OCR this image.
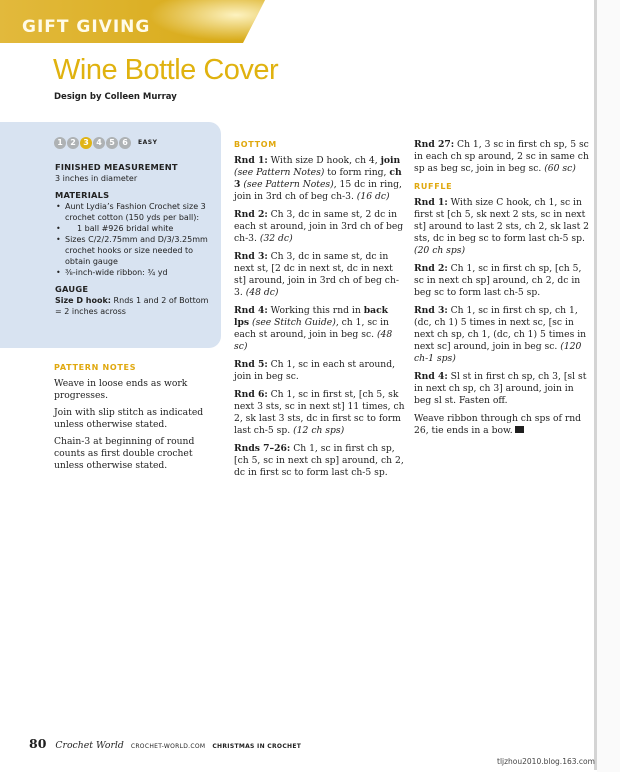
GIFT GIVING
Wine Bottle Cover
Design by Colleen Murray
1 2 3 4 5 6	EASY
FINISHED MEASUREMENT

3 inches in diameter

MATERIALS
• Aunt Lydia’s Fashion Crochet size 3 crochet cotton (150 yds per ball):
• 1 ball #926 bridal white
• Sizes C/2/2.75mm and D/3/3.25mm crochet hooks or size needed to obtain gauge
• ⅜-inch-wide ribbon: ¾ yd
GAUGE

Size D hook: Rnds 1 and 2 of Bottom = 2 inches across

PATTERN NOTES

Weave in loose ends as work progresses.

Join with slip stitch as indicated unless otherwise stated.

Chain-3 at beginning of round counts as first double crochet unless otherwise stated.

BOTTOM

Rnd 1: With size D hook, ch 4, join (see Pattern Notes) to form ring, ch 3 (see Pattern Notes), 15 dc in ring, join in 3rd ch of beg ch-3. (16 dc)

Rnd 2: Ch 3, dc in same st, 2 dc in each st around, join in 3rd ch of beg ch-3. (32 dc)

Rnd 3: Ch 3, dc in same st, dc in next st, [2 dc in next st, dc in next st] around, join in 3rd ch of beg ch-3. (48 dc)

Rnd 4: Working this rnd in back lps (see Stitch Guide), ch 1, sc in each st around, join in beg sc. (48 sc)

Rnd 5: Ch 1, sc in each st around, join in beg sc.

Rnd 6: Ch 1, sc in first st, [ch 5, sk next 3 sts, sc in next st] 11 times, ch 2, sk last 3 sts, dc in first sc to form last ch-5 sp. (12 ch sps)

Rnds 7–26: Ch 1, sc in first ch sp, [ch 5, sc in next ch sp] around, ch 2, dc in first sc to form last ch-5 sp.

Rnd 27: Ch 1, 3 sc in first ch sp, 5 sc in each ch sp around, 2 sc in same ch sp as beg sc, join in beg sc. (60 sc)

RUFFLE

Rnd 1: With size C hook, ch 1, sc in first st [ch 5, sk next 2 sts, sc in next st] around to last 2 sts, ch 2, sk last 2 sts, dc in beg sc to form last ch-5 sp. (20 ch sps)

Rnd 2: Ch 1, sc in first ch sp, [ch 5, sc in next ch sp] around, ch 2, dc in beg sc to form last ch-5 sp.

Rnd 3: Ch 1, sc in first ch sp, ch 1, (dc, ch 1) 5 times in next sc, [sc in next ch sp, ch 1, (dc, ch 1) 5 times in next sc] around, join in beg sc. (120 ch-1 sps)

Rnd 4: Sl st in first ch sp, ch 3, [sl st in next ch sp, ch 3] around, join in beg sl st. Fasten off.

Weave ribbon through ch sps of rnd 26, tie ends in a bow.

80 Crochet World CROCHET-WORLD.COM CHRISTMAS IN CROCHET
tljzhou2010.blog.163.com
